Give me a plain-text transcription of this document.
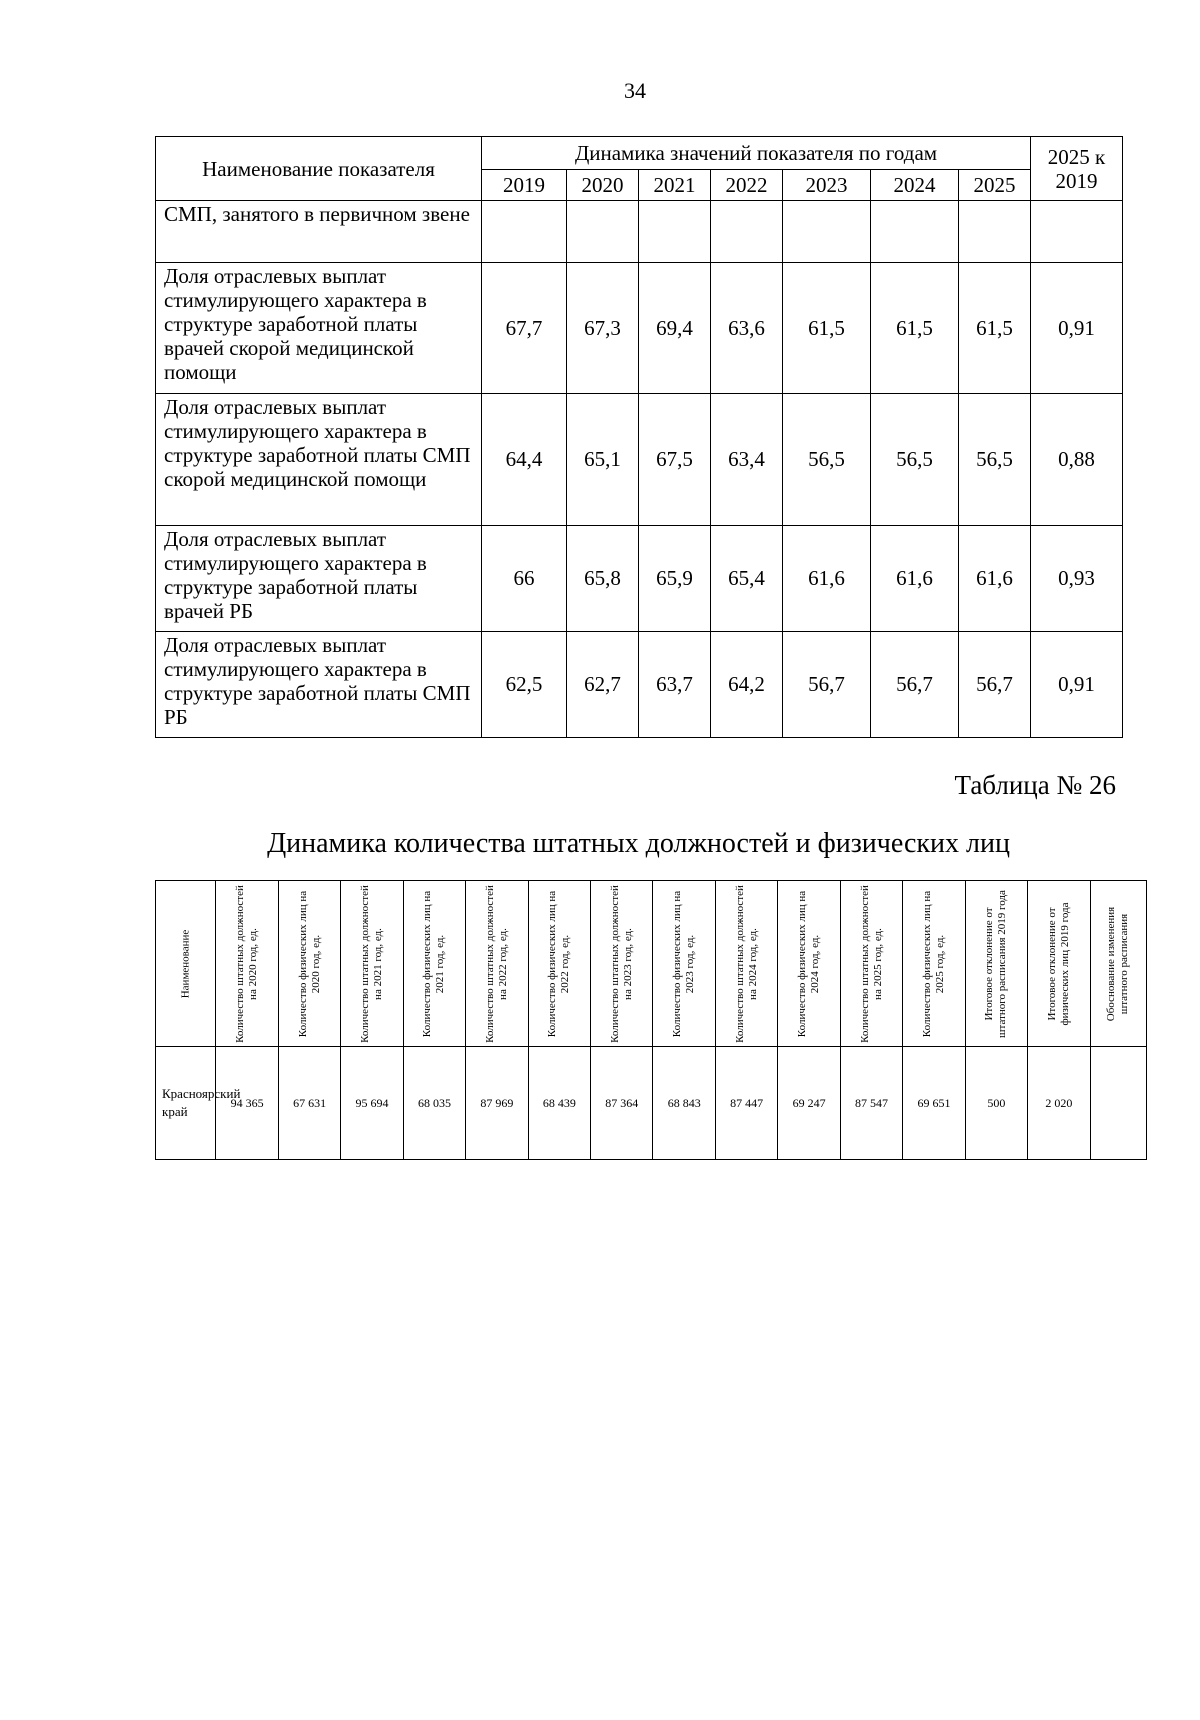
34
Наименование показателя	Динамика значений показателя по годам							2025 к 2019
	2019	2020	2021	2022	2023	2024	2025	
СМП, занятого в первичном звене								
Доля отраслевых выплат стимулирующего характера в структуре заработной платы врачей скорой медицинской помощи	67,7	67,3	69,4	63,6	61,5	61,5	61,5	0,91
Доля отраслевых выплат стимулирующего характера в структуре заработной платы СМП скорой медицинской помощи	64,4	65,1	67,5	63,4	56,5	56,5	56,5	0,88
Доля отраслевых выплат стимулирующего характера в структуре заработной платы врачей РБ	66	65,8	65,9	65,4	61,6	61,6	61,6	0,93
Доля отраслевых выплат стимулирующего характера в структуре заработной платы СМП РБ	62,5	62,7	63,7	64,2	56,7	56,7	56,7	0,91
Таблица № 26
Динамика количества штатных должностей и физических лиц
Наименование	Количество штатных должностей на 2020 год, ед.	Количество физических лиц на 2020 год, ед.	Количество штатных должностей на 2021 год, ед.	Количество физических лиц на 2021 год, ед.	Количество штатных должностей на 2022 год, ед.	Количество физических лиц на 2022 год, ед.	Количество штатных должностей на 2023 год, ед.	Количество физических лиц на 2023 год, ед.	Количество штатных должностей на 2024 год, ед.	Количество физических лиц на 2024 год, ед.	Количество штатных должностей на 2025 год, ед.	Количество физических лиц на 2025 год, ед.	Итоговое отклонение от штатного расписания 2019 года	Итоговое отклонение от физических лиц 2019 года	Обоснование изменения штатного расписания

Красноярский край	94 365	67 631	95 694	68 035	87 969	68 439	87 364	68 843	87 447	69 247	87 547	69 651	500	2 020	
